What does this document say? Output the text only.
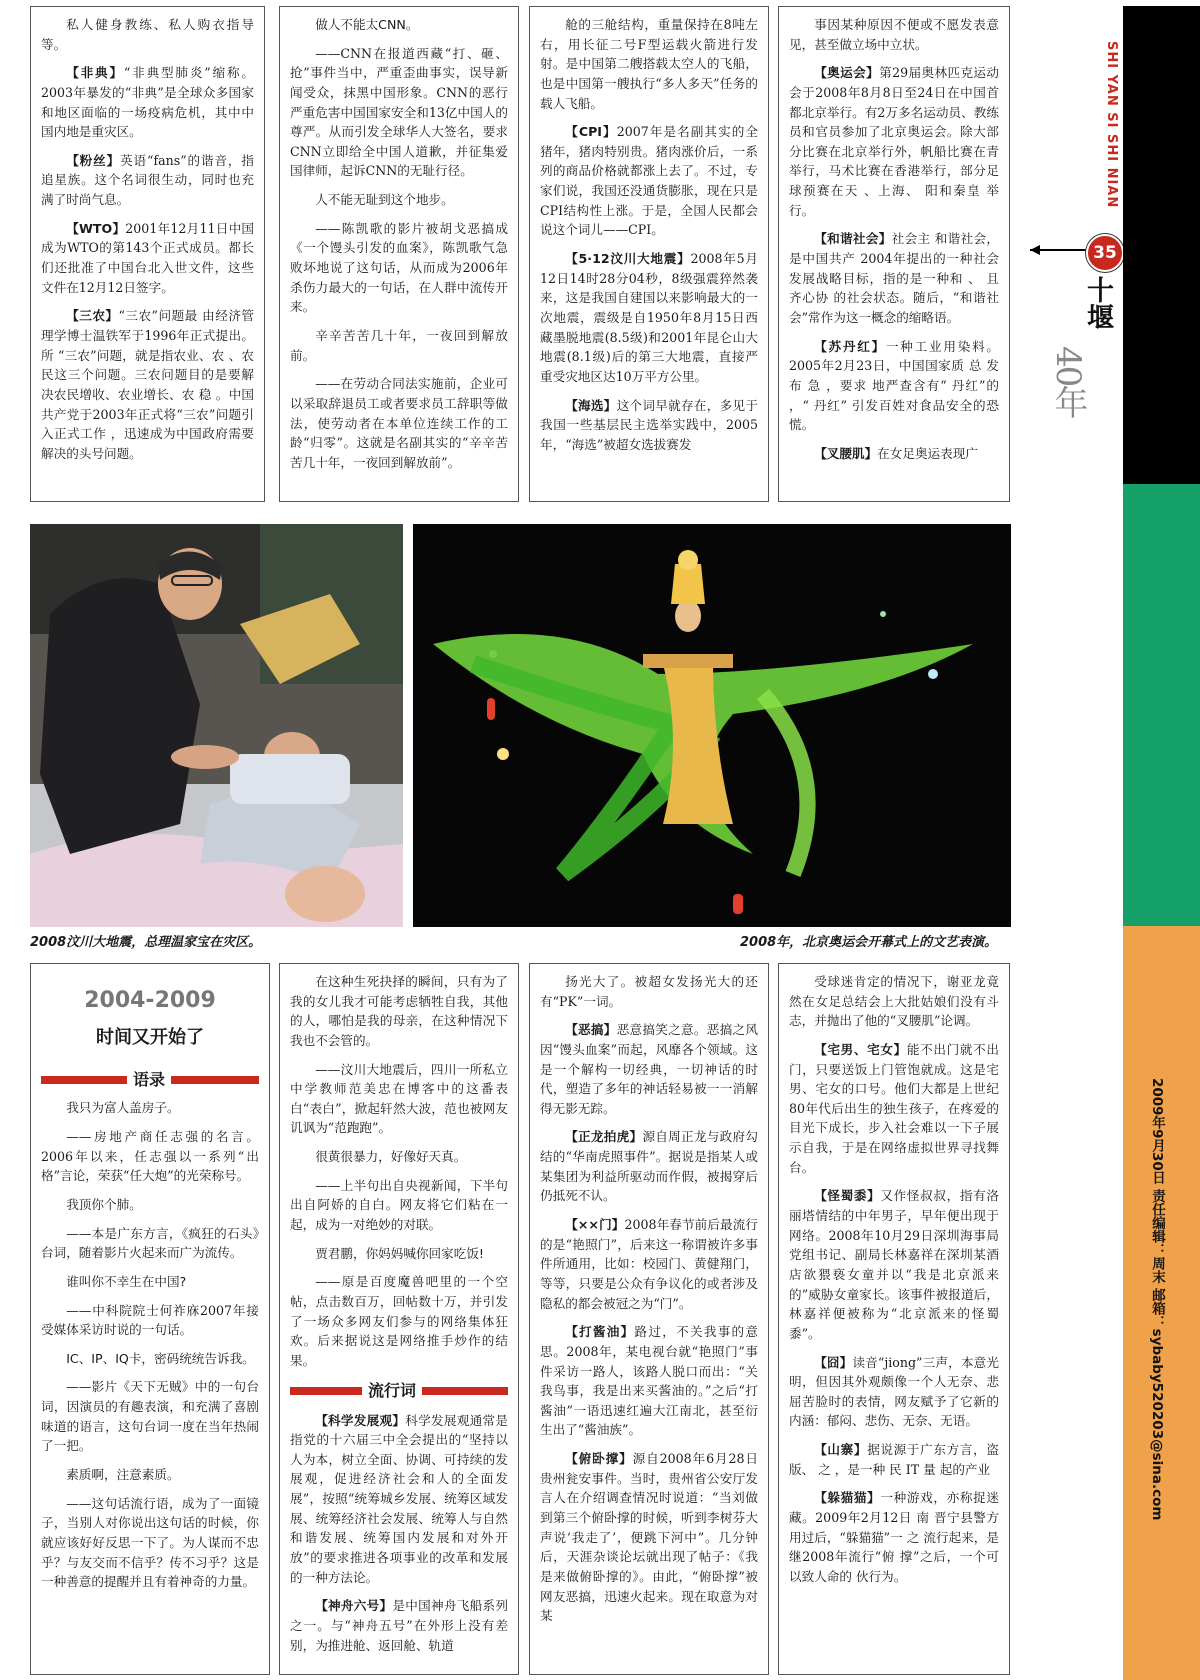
私人健身教练、私人购衣指导等。

【非典】“非典型肺炎”缩称。2003年暴发的“非典”是全球众多国家和地区面临的一场疫病危机，其中中国内地是重灾区。

【粉丝】英语“fans”的谐音，指追星族。这个名词很生动，同时也充满了时尚气息。

【WTO】2001年12月11日中国成为WTO的第143个正式成员。都长们还批准了中国台北入世文件，这些文件在12月12日签字。

【三农】“三农”问题最 由经济管理学博士温铁军于1996年正式提出。所 “三农”问题，就是指农业、农 、农民这三个问题。三农问题目的是要解决农民增收、农业增长、农 稳 。中国共产党于2003年正式将“三农”问题引入正式工作 ，迅速成为中国政府需要解决的头号问题。

做人不能太CNN。

——CNN在报道西藏“打、砸、抢”事件当中，严重歪曲事实，误导新闻受众，抹黑中国形象。CNN的恶行严重危害中国国家安全和13亿中国人的尊严。从而引发全球华人大签名，要求CNN立即给全中国人道歉，并征集爱国律师，起诉CNN的无耻行径。

人不能无耻到这个地步。

——陈凯歌的影片被胡戈恶搞成《一个馒头引发的血案》，陈凯歌气急败坏地说了这句话，从而成为2006年杀伤力最大的一句话，在人群中流传开来。

辛辛苦苦几十年，一夜回到解放前。

——在劳动合同法实施前，企业可以采取辞退员工或者要求员工辞职等做法，使劳动者在本单位连续工作的工龄“归零”。这就是名副其实的“辛辛苦苦几十年，一夜回到解放前”。

舱的三舱结构，重量保持在8吨左右，用长征二号F型运载火箭进行发射。是中国第二艘搭载太空人的飞船，也是中国第一艘执行“多人多天”任务的载人飞船。

【CPI】2007年是名副其实的全猪年，猪肉特别贵。猪肉涨价后，一系列的商品价格就都涨上去了。不过，专家们说，我国还没通货膨胀，现在只是CPI结构性上涨。于是，全国人民都会说这个词儿——CPI。

【5·12汶川大地震】2008年5月12日14时28分04秒，8级强震猝然袭来，这是我国自建国以来影响最大的一次地震，震级是自1950年8月15日西藏墨脱地震(8.5级)和2001年昆仑山大地震(8.1级)后的第三大地震，直接严重受灾地区达10万平方公里。

【海选】这个词早就存在，多见于我国一些基层民主选举实践中，2005年，“海选”被超女选拔赛发

事因某种原因不便或不愿发表意见，甚至做立场中立状。

【奥运会】第29届奥林匹克运动会于2008年8月8日至24日在中国首都北京举行。有2万多名运动员、教练员和官员参加了北京奥运会。除大部分比赛在北京举行外，帆船比赛在青 举行，马术比赛在香港举行，部分足球预赛在天 、上海、 阳和秦皇 举行。

【和谐社会】社会主 和谐社会，是中国共产 2004年提出的一种社会发展战略目标，指的是一种和 、 且 齐心协 的社会状态。随后，“和谐社会”常作为这一概念的缩略语。

【苏丹红】一种工业用染料。2005年2月23日，中国国家质 总 发布 急 ，要求 地严查含有“ 丹红”的 ，“ 丹红” 引发百姓对食品安全的恐慌。

【叉腰肌】在女足奥运表现广

SHI YAN SI SHI NIAN
35
十堰
40年
2009年9月30日 责任编辑：周末 邮箱：sybaby520203@sina.com
2008汶川大地震，总理温家宝在灾区。	2008年，北京奥运会开幕式上的文艺表演。
2004-2009
时间又开始了
语录

我只为富人盖房子。

——房地产商任志强的名言。2006年以来，任志强以一系列“出格”言论，荣获“任大炮”的光荣称号。

我顶你个肺。

——本是广东方言，《疯狂的石头》台词，随着影片火起来而广为流传。

谁叫你不幸生在中国?

——中科院院士何祚庥2007年接受媒体采访时说的一句话。

IC、IP、IQ卡，密码统统告诉我。

——影片《天下无贼》中的一句台词，因演员的有趣表演，和充满了喜剧味道的语言，这句台词一度在当年热闹了一把。

素质啊，注意素质。

——这句话流行语，成为了一面镜子，当别人对你说出这句话的时候，你就应该好好反思一下了。为人谋而不忠乎？与友交而不信乎？传不习乎？这是一种善意的提醒并且有着神奇的力量。

在这种生死抉择的瞬间，只有为了我的女儿我才可能考虑牺牲自我，其他的人，哪怕是我的母亲，在这种情况下我也不会管的。

——汶川大地震后，四川一所私立中学教师范美忠在博客中的这番表白“表白”，掀起轩然大波，范也被网友讥讽为“范跑跑”。

很黄很暴力，好像好天真。

——上半句出自央视新闻，下半句出自阿娇的自白。网友将它们粘在一起，成为一对绝妙的对联。

贾君鹏，你妈妈喊你回家吃饭!

——原是百度魔兽吧里的一个空帖，点击数百万，回帖数十万，并引发了一场众多网友们参与的网络集体狂欢。后来据说这是网络推手炒作的结果。

流行词

【科学发展观】科学发展观通常是指党的十六届三中全会提出的“坚持以人为本，树立全面、协调、可持续的发展观，促进经济社会和人的全面发展”，按照“统筹城乡发展、统筹区域发展、统筹经济社会发展、统筹人与自然和谐发展、统筹国内发展和对外开放”的要求推进各项事业的改革和发展的一种方法论。

【神舟六号】是中国神舟飞船系列之一。与“神舟五号”在外形上没有差别，为推进舱、返回舱、轨道

扬光大了。被超女发扬光大的还有“PK”一词。

【恶搞】恶意搞笑之意。恶搞之风因“馒头血案”而起，风靡各个领域。这是一个解构一切经典，一切神话的时代，塑造了多年的神话轻易被一一消解得无影无踪。

【正龙拍虎】源自周正龙与政府勾结的“华南虎照事件”。据说是指某人或某集团为利益所驱动而作假，被揭穿后仍抵死不认。

【××门】2008年春节前后最流行的是“艳照门”，后来这一称谓被许多事件所通用，比如：校园门、黄健翔门，等等，只要是公众有争议化的或者涉及隐私的都会被冠之为“门”。

【打酱油】路过，不关我事的意思。2008年，某电视台就“艳照门”事件采访一路人，该路人脱口而出：“关我鸟事，我是出来买酱油的。”之后“打酱油”一语迅速红遍大江南北，甚至衍生出了“酱油族”。

【俯卧撑】源自2008年6月28日贵州瓮安事件。当时，贵州省公安厅发言人在介绍调查情况时说道：“当刘做到第三个俯卧撑的时候，听到李树芬大声说‘我走了’，便跳下河中”。几分钟后，天涯杂谈论坛就出现了帖子：《我是来做俯卧撑的》。由此，“俯卧撑”被网友恶搞，迅速火起来。现在取意为对某

受球迷肯定的情况下，谢亚龙竟然在女足总结会上大批姑娘们没有斗志，并抛出了他的“叉腰肌”论调。

【宅男、宅女】能不出门就不出门，只要送饭上门管饱就成。这是宅男、宅女的口号。他们大都是上世纪80年代后出生的独生孩子，在疼爱的目光下成长，步入社会难以一下子展示自我，于是在网络虚拟世界寻找舞台。

【怪蜀黍】又作怪叔叔，指有洛丽塔情结的中年男子，早年便出现于网络。2008年10月29日深圳海事局党组书记、副局长林嘉祥在深圳某酒店欲猥亵女童并以“我是北京派来的”威胁女童家长。该事件被报道后，林嘉祥便被称为“北京派来的怪蜀黍”。

【囧】读音“jiong”三声，本意光明，但因其外观颇像一个人无奈、悲屈苦脸时的表情，网友赋予了它新的内涵：郁闷、悲伤、无奈、无语。

【山寨】据说源于广东方言，盗版、 之 ，是一种 民 IT 量 起的产业

【躲猫猫】一种游戏，亦称捉迷藏。2009年2月12日 南 晋宁县警方用过后，“躲猫猫”一 之 流行起来，是继2008年流行“俯 撑”之后，一个可以致人命的 伙行为。
